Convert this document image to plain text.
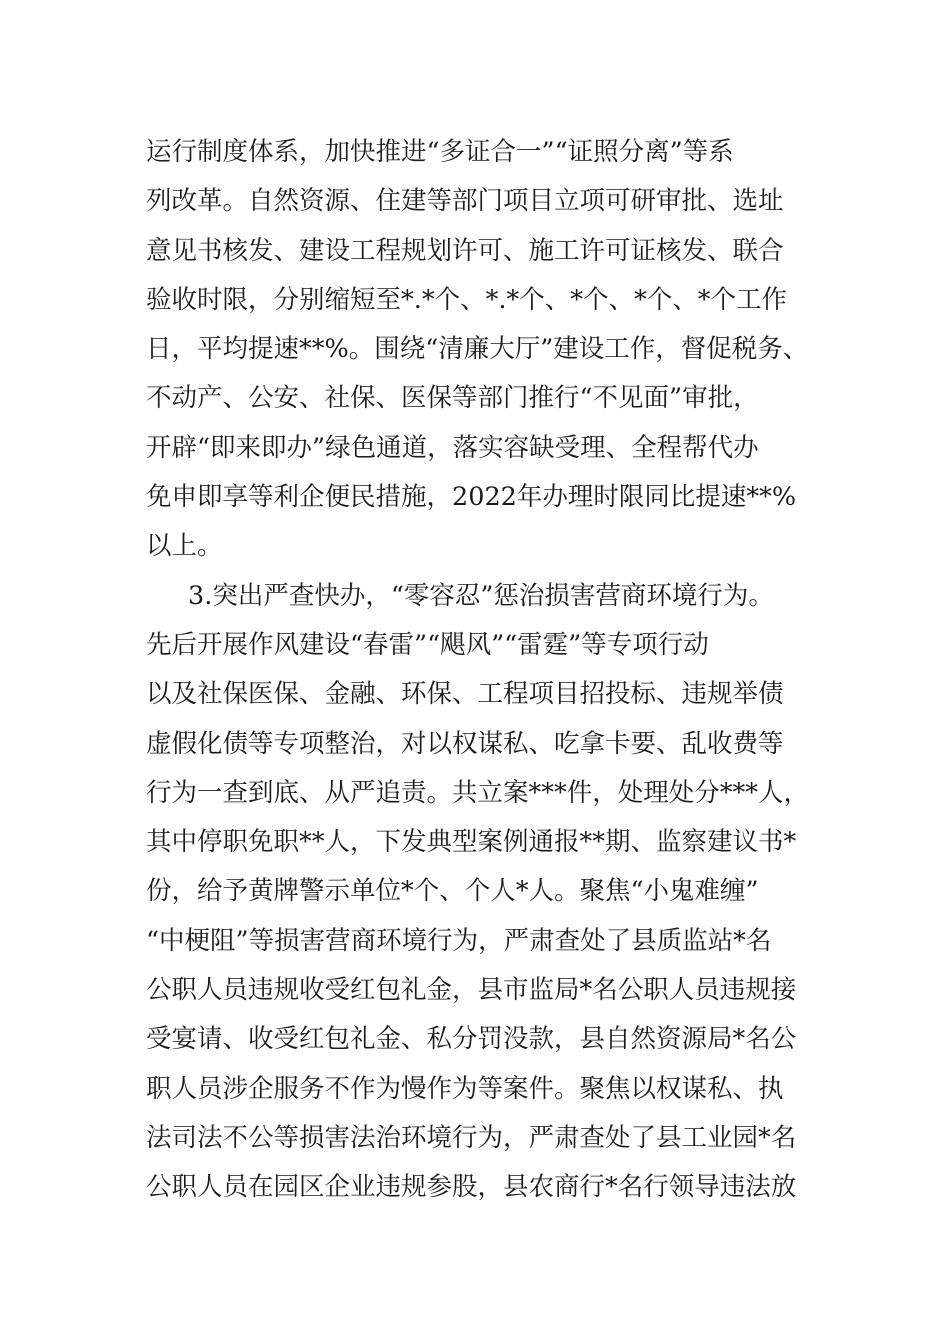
运行制度体系，加快推进“多证合一”“证照分离”等系
列改革。自然资源、住建等部门项目立项可研审批、选址
意见书核发、建设工程规划许可、施工许可证核发、联合
验收时限，分别缩短至*.*个、*.*个、*个、*个、*个工作
日，平均提速**%。围绕“清廉大厅”建设工作，督促税务、
不动产、公安、社保、医保等部门推行“不见面”审批，
开辟“即来即办”绿色通道，落实容缺受理、全程帮代办
免申即享等利企便民措施，2022年办理时限同比提速**%
以上。
3.突出严查快办，“零容忍”惩治损害营商环境行为。
先后开展作风建设“春雷”“飓风”“雷霆”等专项行动
以及社保医保、金融、环保、工程项目招投标、违规举债
虚假化债等专项整治，对以权谋私、吃拿卡要、乱收费等
行为一查到底、从严追责。共立案***件，处理处分***人，
其中停职免职**人，下发典型案例通报**期、监察建议书*
份，给予黄牌警示单位*个、个人*人。聚焦“小鬼难缠”
“中梗阻”等损害营商环境行为，严肃查处了县质监站*名
公职人员违规收受红包礼金，县市监局*名公职人员违规接
受宴请、收受红包礼金、私分罚没款，县自然资源局*名公
职人员涉企服务不作为慢作为等案件。聚焦以权谋私、执
法司法不公等损害法治环境行为，严肃查处了县工业园*名
公职人员在园区企业违规参股，县农商行*名行领导违法放
